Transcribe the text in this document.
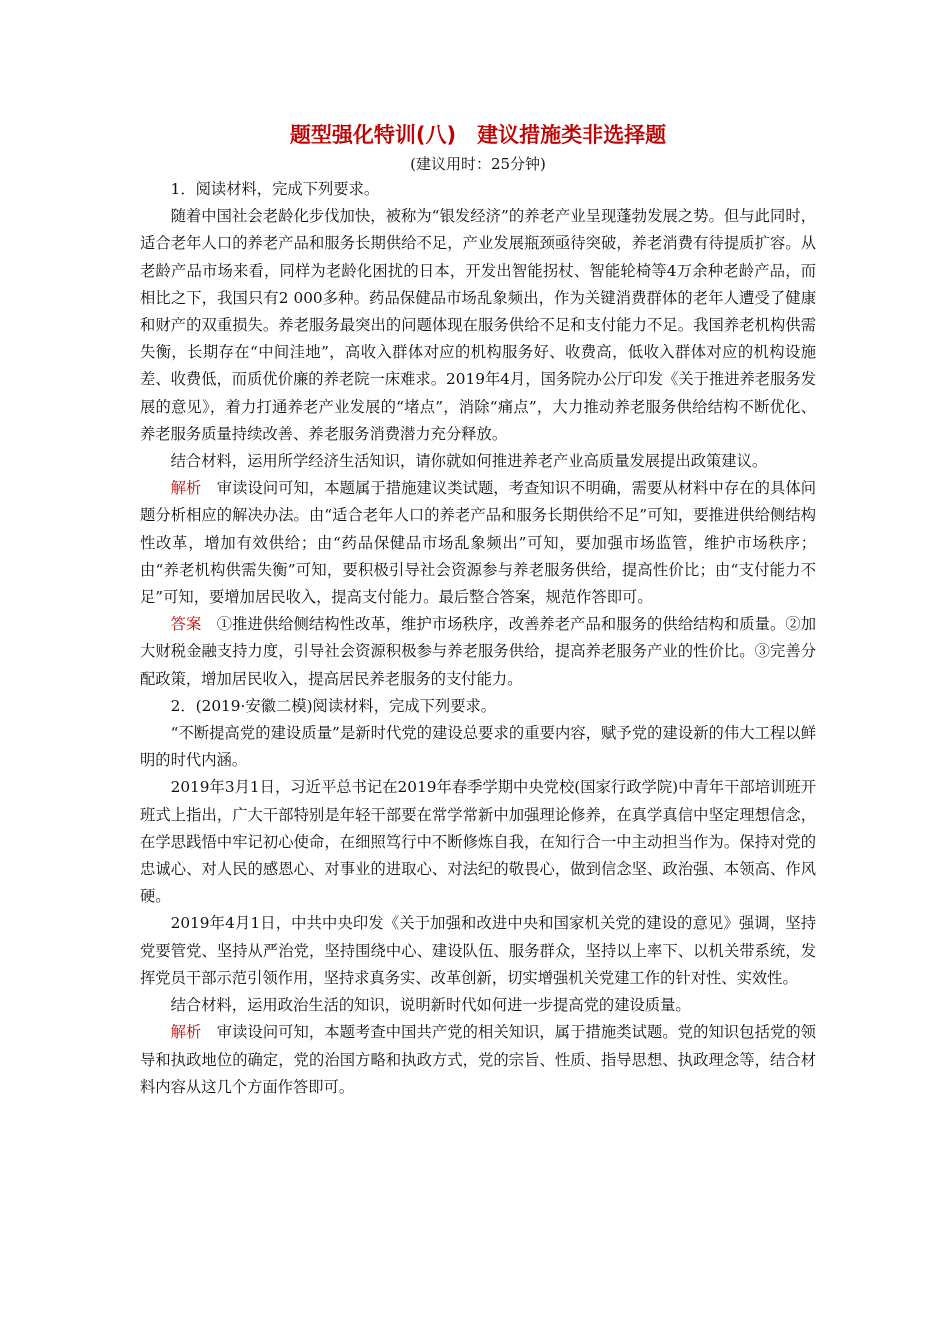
题型强化特训(八)　建议措施类非选择题
(建议用时：25分钟)

1．阅读材料，完成下列要求。

随着中国社会老龄化步伐加快，被称为“银发经济”的养老产业呈现蓬勃发展之势。但与此同时，适合老年人口的养老产品和服务长期供给不足，产业发展瓶颈亟待突破，养老消费有待提质扩容。从老龄产品市场来看，同样为老龄化困扰的日本，开发出智能拐杖、智能轮椅等4万余种老龄产品，而相比之下，我国只有2 000多种。药品保健品市场乱象频出，作为关键消费群体的老年人遭受了健康和财产的双重损失。养老服务最突出的问题体现在服务供给不足和支付能力不足。我国养老机构供需失衡，长期存在“中间洼地”，高收入群体对应的机构服务好、收费高，低收入群体对应的机构设施差、收费低，而质优价廉的养老院一床难求。2019年4月，国务院办公厅印发《关于推进养老服务发展的意见》，着力打通养老产业发展的“堵点”，消除“痛点”，大力推动养老服务供给结构不断优化、养老服务质量持续改善、养老服务消费潜力充分释放。

结合材料，运用所学经济生活知识，请你就如何推进养老产业高质量发展提出政策建议。

解析　审读设问可知，本题属于措施建议类试题，考查知识不明确，需要从材料中存在的具体问题分析相应的解决办法。由“适合老年人口的养老产品和服务长期供给不足”可知，要推进供给侧结构性改革，增加有效供给；由“药品保健品市场乱象频出”可知，要加强市场监管，维护市场秩序；由“养老机构供需失衡”可知，要积极引导社会资源参与养老服务供给，提高性价比；由“支付能力不足”可知，要增加居民收入，提高支付能力。最后整合答案，规范作答即可。

答案　①推进供给侧结构性改革，维护市场秩序，改善养老产品和服务的供给结构和质量。②加大财税金融支持力度，引导社会资源积极参与养老服务供给，提高养老服务产业的性价比。③完善分配政策，增加居民收入，提高居民养老服务的支付能力。

2．(2019·安徽二模)阅读材料，完成下列要求。

“不断提高党的建设质量”是新时代党的建设总要求的重要内容，赋予党的建设新的伟大工程以鲜明的时代内涵。

2019年3月1日，习近平总书记在2019年春季学期中央党校(国家行政学院)中青年干部培训班开班式上指出，广大干部特别是年轻干部要在常学常新中加强理论修养，在真学真信中坚定理想信念，在学思践悟中牢记初心使命，在细照笃行中不断修炼自我，在知行合一中主动担当作为。保持对党的忠诚心、对人民的感恩心、对事业的进取心、对法纪的敬畏心，做到信念坚、政治强、本领高、作风硬。

2019年4月1日，中共中央印发《关于加强和改进中央和国家机关党的建设的意见》强调，坚持党要管党、坚持从严治党，坚持围绕中心、建设队伍、服务群众，坚持以上率下、以机关带系统，发挥党员干部示范引领作用，坚持求真务实、改革创新，切实增强机关党建工作的针对性、实效性。

结合材料，运用政治生活的知识，说明新时代如何进一步提高党的建设质量。

解析　审读设问可知，本题考查中国共产党的相关知识，属于措施类试题。党的知识包括党的领导和执政地位的确定，党的治国方略和执政方式，党的宗旨、性质、指导思想、执政理念等，结合材料内容从这几个方面作答即可。
